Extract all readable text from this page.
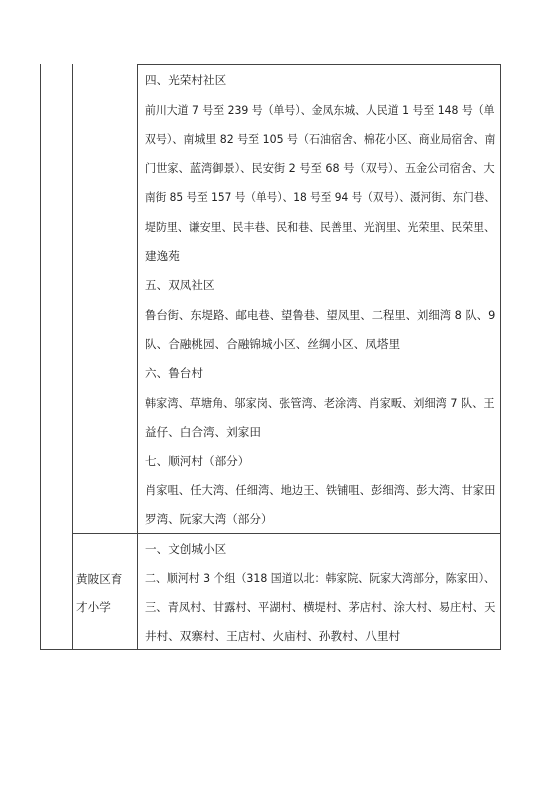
四、光荣村社区
前川大道 7 号至 239 号（单号）、金凤东城、人民道 1 号至 148 号（单
双号）、南城里 82 号至 105 号（石油宿舍、棉花小区、商业局宿舍、南
门世家、蓝湾御景）、民安街 2 号至 68 号（双号）、五金公司宿舍、大
南街 85 号至 157 号（单号）、18 号至 94 号（双号）、滠河街、东门巷、
堤防里、谦安里、民丰巷、民和巷、民善里、光润里、光荣里、民荣里、
建逸苑
五、双凤社区
鲁台街、东堤路、邮电巷、望鲁巷、望凤里、二程里、刘细湾 8 队、9
队、合融桃园、合融锦城小区、丝绸小区、凤塔里
六、鲁台村
韩家湾、草塘角、邬家岗、张管湾、老涂湾、肖家畈、刘细湾 7 队、王
益仔、白合湾、刘家田
七、顺河村（部分）
肖家咀、任大湾、任细湾、地边王、铁铺咀、彭细湾、彭大湾、甘家田
罗湾、阮家大湾（部分）
黄陂区育
才小学
一、文创城小区
二、顺河村 3 个组（318 国道以北：韩家院、阮家大湾部分，陈家田）、
三、青凤村、甘露村、平湖村、横堤村、茅店村、涂大村、易庄村、天
井村、双寨村、王店村、火庙村、孙教村、八里村
